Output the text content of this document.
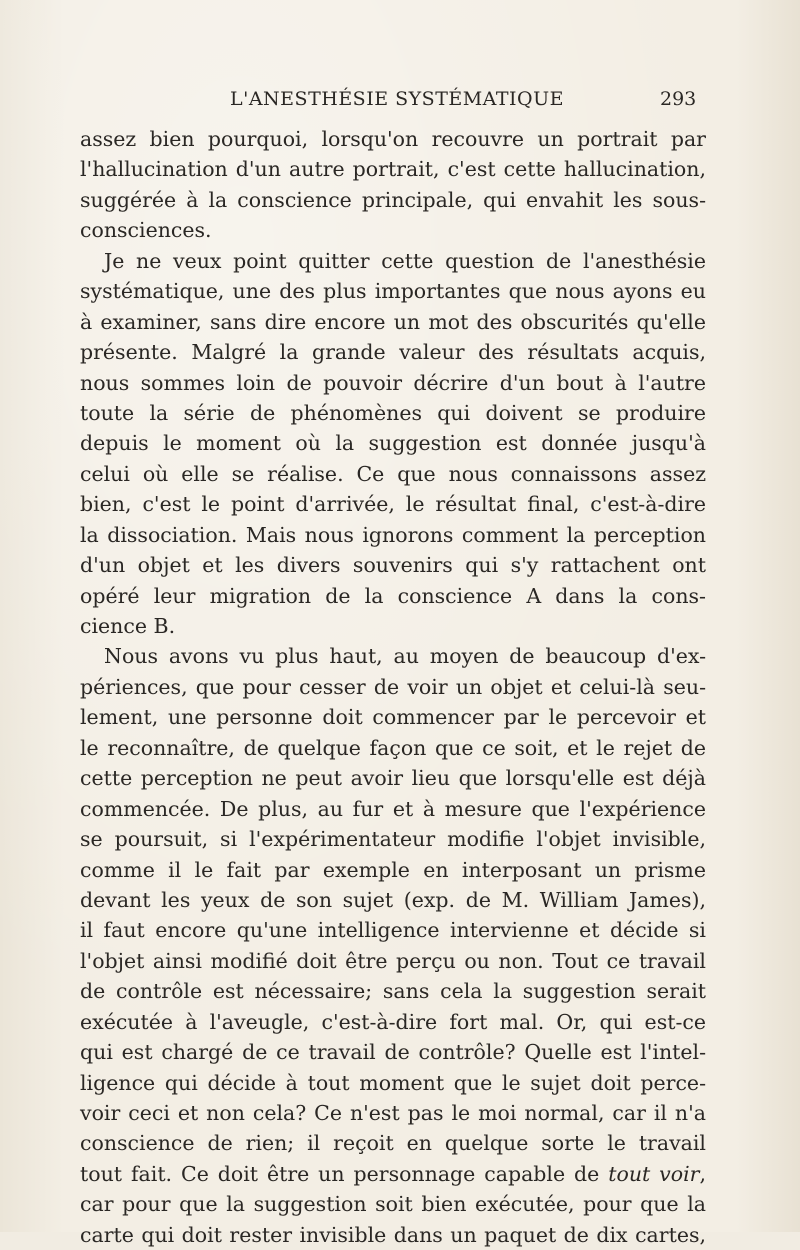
L'ANESTHÉSIE SYSTÉMATIQUE	293
assez bien pourquoi, lorsqu'on recouvre un portrait par
l'hallucination d'un autre portrait, c'est cette hallucination,
suggérée à la conscience principale, qui envahit les sous-
consciences.
Je ne veux point quitter cette question de l'anesthésie
systématique, une des plus importantes que nous ayons eu
à examiner, sans dire encore un mot des obscurités qu'elle
présente. Malgré la grande valeur des résultats acquis,
nous sommes loin de pouvoir décrire d'un bout à l'autre
toute la série de phénomènes qui doivent se produire
depuis le moment où la suggestion est donnée jusqu'à
celui où elle se réalise. Ce que nous connaissons assez
bien, c'est le point d'arrivée, le résultat final, c'est-à-dire
la dissociation. Mais nous ignorons comment la perception
d'un objet et les divers souvenirs qui s'y rattachent ont
opéré leur migration de la conscience A dans la cons-
cience B.
Nous avons vu plus haut, au moyen de beaucoup d'ex-
périences, que pour cesser de voir un objet et celui-là seu-
lement, une personne doit commencer par le percevoir et
le reconnaître, de quelque façon que ce soit, et le rejet de
cette perception ne peut avoir lieu que lorsqu'elle est déjà
commencée. De plus, au fur et à mesure que l'expérience
se poursuit, si l'expérimentateur modifie l'objet invisible,
comme il le fait par exemple en interposant un prisme
devant les yeux de son sujet (exp. de M. William James),
il faut encore qu'une intelligence intervienne et décide si
l'objet ainsi modifié doit être perçu ou non. Tout ce travail
de contrôle est nécessaire; sans cela la suggestion serait
exécutée à l'aveugle, c'est-à-dire fort mal. Or, qui est-ce
qui est chargé de ce travail de contrôle? Quelle est l'intel-
ligence qui décide à tout moment que le sujet doit perce-
voir ceci et non cela? Ce n'est pas le moi normal, car il n'a
conscience de rien; il reçoit en quelque sorte le travail
tout fait. Ce doit être un personnage capable de tout voir,
car pour que la suggestion soit bien exécutée, pour que la
carte qui doit rester invisible dans un paquet de dix cartes,
